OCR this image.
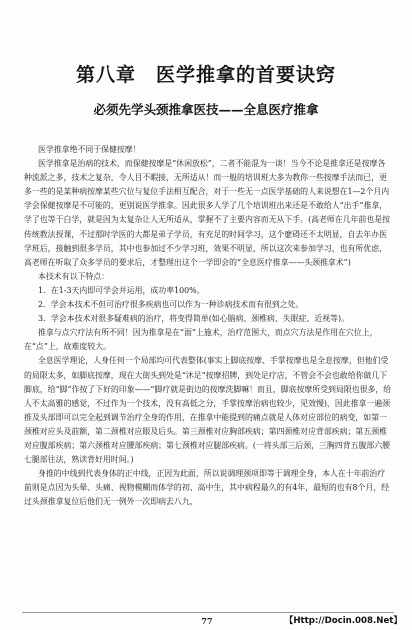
第八章　医学推拿的首要诀窍
必须先学头颈推拿医技——全息医疗推拿

医学推拿绝不同于保健按摩！

医学推拿是治病的技术，而保健按摩是“休闲放松”，二者不能混为一谈！当今不论是推拿还是按摩各种流派之多，技术之复杂，令人目不暇接，无所适从！而一般的培训班大多为教你一些按摩手法而已，更多一些的是某种病按摩某些穴位与复位手法相互配合，对于一些无一点医学基础的人来说想在1—2个月内学会保健按摩是不可能的，更别说医学推拿。因此很多人学了几个培训班出来还是不敢给人“出手”推拿，学了也等于白学，就是因为太复杂让人无所适从，掌握不了主要内容而无从下手。(高老师在几年前也是按传统教法授课，不过那时学医的大都是弟子学员，有充足的时间学习，这个麽碍还不太明显，自去年办医学班后，接触到很多学员，其中也参加过不少学习班，效果不明显，所以这次来参加学习，也有所优虑，高老师在听取了众多学员的要求后，才整理出这个一学即会的“全息医疗推拿——头颈推拿术”)

本技术有以下特点：

1．在1-3天内即可学会并运用，成功率100%。

2．学会本技术不但可治疗很多疾病也可以作为一种诊病技术而有很到之处。

3．学会本技术对很多疑难病的治疗，将变得简单(如心脑病、颈椎病、失眠症、近视等)。

推拿与点穴疗法有所不同！因为推拿是在“面”上施术，治疗范围大，而点穴方法是作用在穴位上，在“点”上，故难度较大。

全息医学理论，人身任何一个局部均可代表整体(事实上脚底按摩、手掌按摩也是全息按摩，但他们受的局限太多，如脚底按摩，现在大街头到处是“沐足”按摩招牌，到处足疗店，不管会不会也敢给你做几下脚底，给“脚”作按了下好的印象——“脚疗就是街边的按摩洗脚嘛！而且，脚底按摩所受到局限也很多，给人不太高雅的感觉，不过作为一个技术，没有高低之分，手掌按摩治病也较少，见效慢)，因此推拿一遍颈推及头部即可以完全起到调节治疗全身的作用，在推拿中能提到的痛点就是人体对应部位的病变，如第一颈椎对应头及前额，第二颈椎对应眼及后头。第三颈椎对应胸部疾病；第四颈椎对应背部疾病；第五颈椎对应腹部疾病；第六颈椎对应腰部疾病；第七颈椎对应腿部疾病。(一将头部三后颈，三胸四背五腹部六腰七腿部往法，熟读背好用时间。)

身推的中线到代表身体的正中线，正因为此面，所以说调理颈项即等于调理全身，本人在十年前治疗前则是点因为头晕、头痛、视物模糊而体学的初、高中生，其中病程最久的有4年，最短的也有8个月，经过头颈推拿复位后他们无一例外一次即病去八九，

77	【Http://Docin.008.Net】
